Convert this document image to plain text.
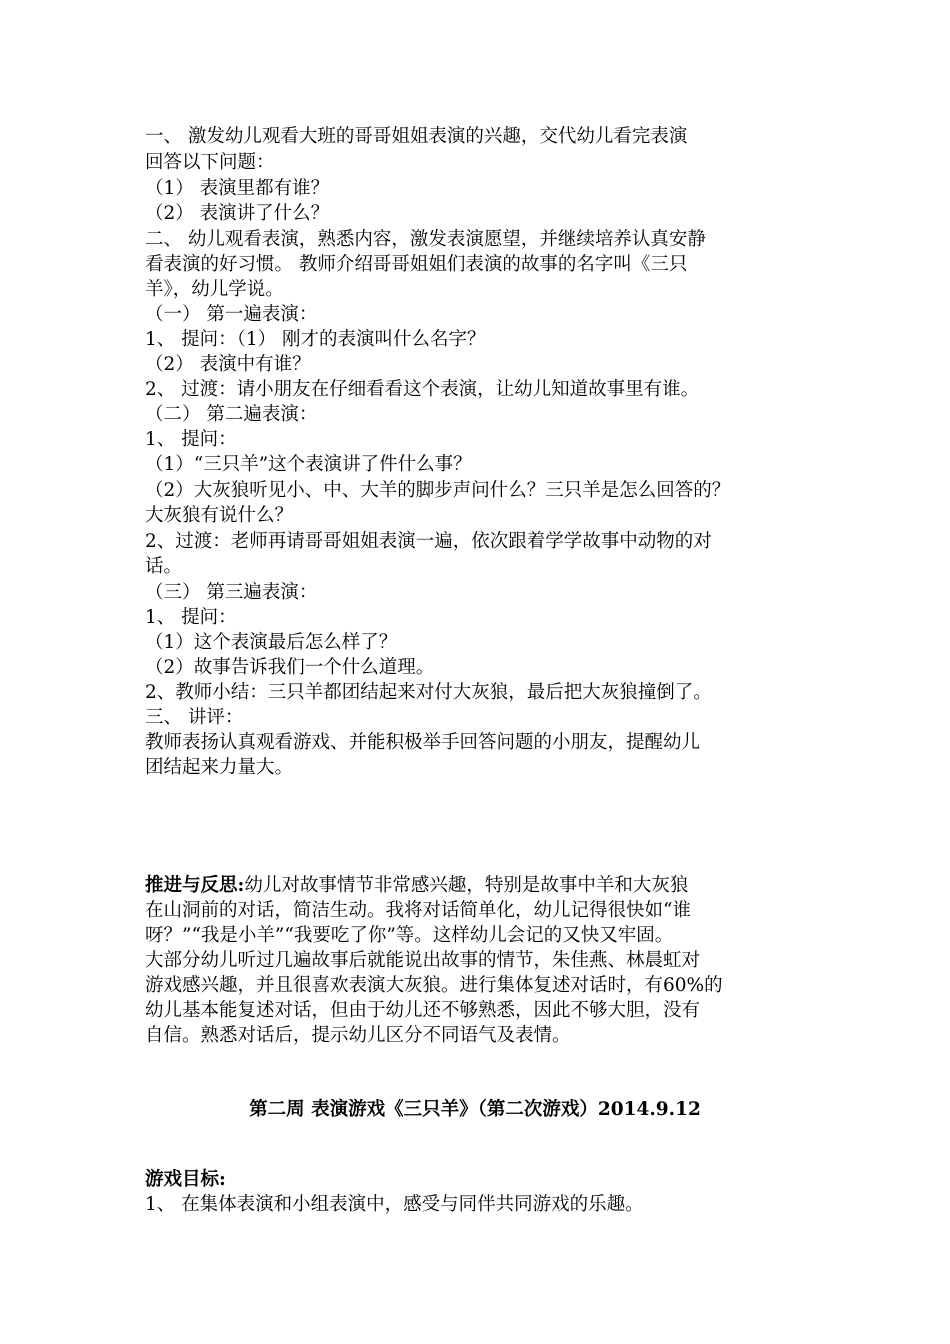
一、 激发幼儿观看大班的哥哥姐姐表演的兴趣，交代幼儿看完表演
回答以下问题：
（1） 表演里都有谁？
（2） 表演讲了什么？
二、 幼儿观看表演，熟悉内容，激发表演愿望，并继续培养认真安静
看表演的好习惯。 教师介绍哥哥姐姐们表演的故事的名字叫《三只
羊》，幼儿学说。
（一） 第一遍表演：
1、 提问：（1） 刚才的表演叫什么名字？
（2） 表演中有谁？
2、 过渡：请小朋友在仔细看看这个表演，让幼儿知道故事里有谁。
（二） 第二遍表演：
1、 提问：
（1）“三只羊”这个表演讲了件什么事？
（2）大灰狼听见小、中、大羊的脚步声问什么？三只羊是怎么回答的？
大灰狼有说什么？
2、过渡：老师再请哥哥姐姐表演一遍，依次跟着学学故事中动物的对
话。
（三） 第三遍表演：
1、 提问：
（1）这个表演最后怎么样了？
（2）故事告诉我们一个什么道理。
2、教师小结：三只羊都团结起来对付大灰狼，最后把大灰狼撞倒了。
三、 讲评：
教师表扬认真观看游戏、并能积极举手回答问题的小朋友，提醒幼儿
团结起来力量大。
推进与反思:幼儿对故事情节非常感兴趣，特别是故事中羊和大灰狼
在山洞前的对话，简洁生动。我将对话简单化，幼儿记得很快如“谁
呀？”“我是小羊”“我要吃了你”等。这样幼儿会记的又快又牢固。
大部分幼儿听过几遍故事后就能说出故事的情节，朱佳燕、林晨虹对
游戏感兴趣，并且很喜欢表演大灰狼。进行集体复述对话时，有60%的
幼儿基本能复述对话，但由于幼儿还不够熟悉，因此不够大胆，没有
自信。熟悉对话后，提示幼儿区分不同语气及表情。
第二周 表演游戏《三只羊》（第二次游戏）2014.9.12
游戏目标:
1、 在集体表演和小组表演中，感受与同伴共同游戏的乐趣。
